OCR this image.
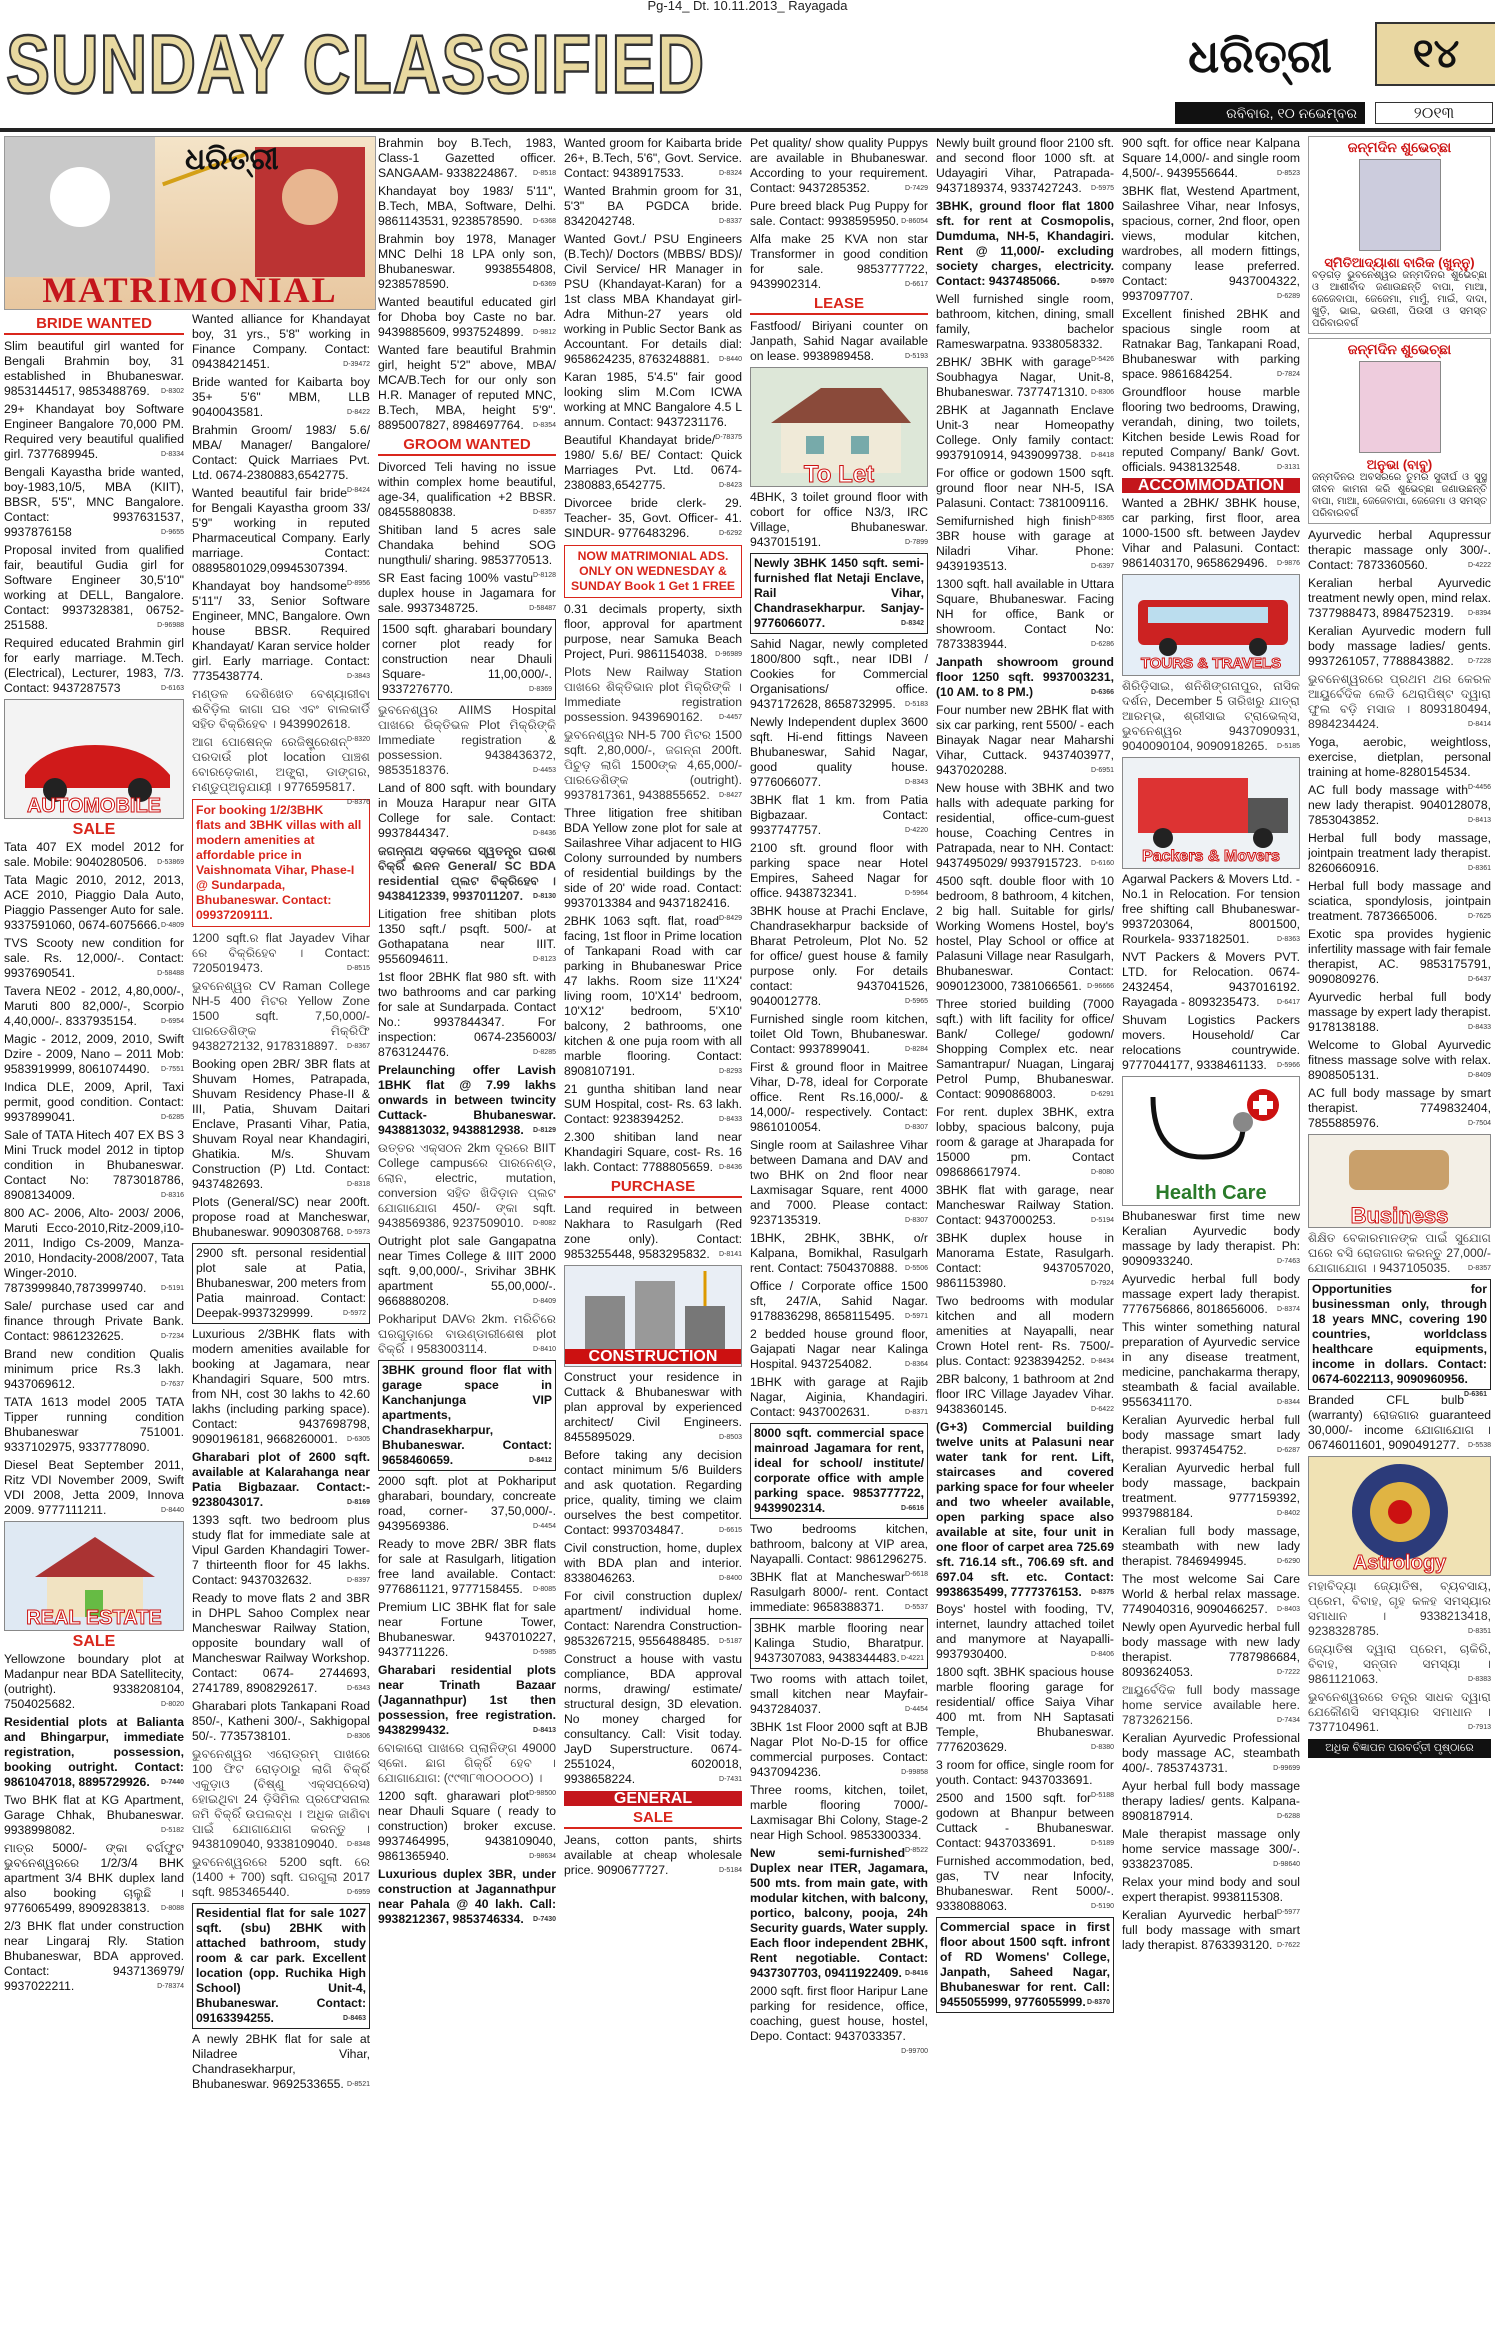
Pg-14_ Dt. 10.11.2013_ Rayagada
SUNDAY CLASSIFIED	ଧରିତ୍ରୀ	୧୪
ରବିବାର, ୧୦ ନଭେମ୍ବର	୨୦୧୩
ଧରିତ୍ରୀ
MATRIMONIAL
BRIDE WANTED

Slim beautiful girl wanted for Bengali Brahmin boy, 31 established in Bhubaneswar. 9853144517, 9853488769. D-8302

29+ Khandayat boy Software Engineer Bangalore 70,000 PM. Required very beautiful qualified girl. 7377689945.	D-8334

Bengali Kayastha bride wanted, boy-1983,10/5, MBA (KIIT), BBSR, 5'5", MNC Bangalore. Contact: 9937631537, 9937876158	D-9655

Proposal invited from qualified fair, beautiful Gudia girl for Software Engineer 30,5'10" working at DELL, Bangalore. Contact: 9937328381, 06752-251588.	D-96988

Required educated Brahmin girl for early marriage. M.Tech. (Electrical), Lecturer, 1983, 7/3. Contact: 9437287573	D-6163

AUTOMOBILE
SALE

Tata 407 EX model 2012 for sale. Mobile: 9040280506. D-53869

Tata Magic 2010, 2012, 2013, ACE 2010, Piaggio Dala Auto, Piaggio Passenger Auto for sale. 9337591060, 0674-6075666. D-4809

TVS Scooty new condition for sale. Rs. 12,000/-. Contact: 9937690541.	D-58488

Tavera NE02 - 2012, 4,80,000/-, Maruti 800 82,000/-, Scorpio 4,40,000/-. 8337935154.	D-6954

Magic - 2012, 2009, 2010, Swift Dzire - 2009, Nano – 2011 Mob: 9583919999, 8061074490. D-7551

Indica DLE, 2009, April, Taxi permit, good condition. Contact: 9937899041.	D-6285

Sale of TATA Hitech 407 EX BS 3 Mini Truck model 2012 in tiptop condition in Bhubaneswar. Contact No: 7873018786, 8908134009.	D-8316

800 AC- 2006, Alto- 2003/ 2006, Maruti Ecco-2010,Ritz-2009,i10- 2011, Indigo Cs-2009, Manza-2010, Hondacity-2008/2007, Tata Winger-2010. 7873999840,7873999740. D-5191

Sale/ purchase used car and finance through Private Bank. Contact: 9861232625.	D-7234

Brand new condition Qualis minimum price Rs.3 lakh. 9437069612.	D-7637

TATA 1613 model 2005 TATA Tipper running condition Bhubaneswar 751001. 9337102975, 9337778090.

Diesel Beat September 2011, Ritz VDI November 2009, Swift VDI 2008, Jetta 2009, Innova 2009. 9777111211.	D-8440

REAL ESTATE
SALE

Yellowzone boundary plot at Madanpur near BDA Satellitecity, (outright). 9338208104, 7504025682.	D-8020

Residential plots at Balianta and Bhingarpur, immediate registration, possession, booking outright. Contact: 9861047018, 8895729926. D-7440

Two BHK flat at KG Apartment, Garage Chhak, Bhubaneswar. 9938998082.	D-5182

ମାତ୍ର 5000/- ଙ୍କା ବର୍ଗଫୁଟ ଭୁବନେଶ୍ୱରରେ 1/2/3/4 BHK apartment 3/4 BHK duplex land also booking ଚାଲୁଛି । 9776065499, 8909283813. D-8088

2/3 BHK flat under construction near Lingaraj Rly. Station Bhubaneswar, BDA approved. Contact: 9437136979/ 9937022211.	D-78374

Wanted alliance for Khandayat boy, 31 yrs., 5'8" working in Finance Company. Contact: 09438421451.	D-39472

Bride wanted for Kaibarta boy 35+ 5'6" MBM, LLB 9040043581.	D-8422

Brahmin Groom/ 1983/ 5.6/ MBA/ Manager/ Bangalore/ Contact: Quick Marriaes Pvt. Ltd. 0674-2380883,6542775.
D-8424

Wanted beautiful fair bride for Bengali Kayastha groom 33/ 5'9" working in reputed Pharmaceutical Company. Early marriage. Contact: 08895801029,09945307394.
D-8956

Khandayat boy handsome 5'11''/ 33, Senior Software Engineer, MNC, Bangalore. Own house BBSR. Required Khandayat/ Karan service holder girl. Early marriage. Contact: 7735438774.	D-3843

ମଣ୍ଡଳ ଦେଶିଖେତ ବେଶ୍ୟାରୀବା ଈବିଡ଼ିଲ କାଗା ଘର ଏବଂ ବାଲକାର୍ଡି ସହିତ ବିକ୍ରିହେବ । 9439902618.
D-8320

ଆଗ ପୋଷେନ୍‌କ ରେଜିଷ୍ଟ୍ରେଶନ୍ ପରଦାଉଁ plot location ପାଞ୍ଚଶ ବୋରଡ଼େକାଣ, ଅଙ୍କ୍ରା, ଡାଙ୍ଗର, ମଣ୍ଡୁପ୍‌ଅନୁଯାୟୀ । 9776595817.
D-8376

For booking 1/2/3BHK flats and 3BHK villas with all modern amenities at affordable price in Vaishnomata Vihar, Phase-I @ Sundarpada, Bhubaneswar. Contact: 09937209111.

1200 sqft.ର flat Jayadev Vihar ରେ ବିକ୍ରିହେବ । Contact: 7205019473.	D-8515

ଭୁବନେଶ୍ୱର CV Raman College NH-5 400 ମିଟର Yellow Zone 1500 sqft. 7,50,000/- ପାରଡେଶିଙ୍କ ମିକ୍ରିଫି 9438272132, 9178318897. D-8367

Booking open 2BR/ 3BR flats at Shuvam Homes, Patrapada, Shuvam Residency Phase-II & III, Patia, Shuvam Daitari Enclave, Prasanti Vihar, Patia, Shuvam Royal near Khandagiri, Ghatikia. M/s. Shuvam Construction (P) Ltd. Contact: 9437482693.	D-8318

Plots (General/SC) near 200ft. propose road at Mancheswar, Bhubaneswar. 9090308768. D-5973

2900 sft. personal residential plot sale at Patia, Bhubaneswar, 200 meters from Patia mainroad. Contact: Deepak-9937329999.	D-5972

Luxurious 2/3BHK flats with modern amenities available for booking at Jagamara, near Khandagiri Square, 500 mtrs. from NH, cost 30 lakhs to 42.60 lakhs (including parking space). Contact: 9437698798, 9090196181, 9668260001. D-6305

Gharabari plot of 2600 sqft. available at Kalarahanga near Patia Bigbazaar. Contact:- 9238043017.	D-8169

1393 sqft. two bedroom plus study flat for immediate sale at Vipul Garden Khandagiri Tower-7 thirteenth floor for 45 lakhs. Contact: 9437032632.	D-8397

Ready to move flats 2 and 3BR in DHPL Sahoo Complex near Mancheswar Railway Station, opposite boundary wall of Mancheswar Railway Workshop. Contact: 0674- 2744693, 2741789, 8908292617.	D-6343

Gharabari plots Tankapani Road 850/-, Katheni 300/-, Sakhigopal 50/-. 7735738101.	D-8306

ଭୁବନେଶ୍ୱର ଏରୋଡ୍ରମ୍ ପାଖରେ 100 ଫିଟ ରୋଡ଼ଠାରୁ ଲାଗି ବିକ୍ରିଁ ଏକୁଡ଼ାଓ (ବିଷ୍ଣୁ ଏକ୍ସପ୍ରେସ) ହୋଇଥିବା 24 ଡ଼ିସିମିଲ ପ୍ରଫେସନାଲ ଜମି ବିକ୍ରିଁ ଉପଲବ୍ଧ । ଅଧିକ ଜାଣିବା ପାଇଁ ଯୋଗାଯୋଗ କରନ୍ତୁ । 9438109040, 9338109040. D-8348

ଭୁବନେଶ୍ୱରରେ 5200 sqft. ରେ (1400 + 700) sqft. ଘରଗୁଲା 2017 sqft. 9853465440.	D-6959

Residential flat for sale 1027 sqft. (sbu) 2BHK with attached bathroom, study room & car park. Excellent location (opp. Ruchika High School) Unit-4, Bhubaneswar. Contact: 09163394255.	D-8463

A newly 2BHK flat for sale at Niladree Vihar, Chandrasekharpur, Bhubaneswar. 9692533655. D-8521

Brahmin boy B.Tech, 1983, Class-1 Gazetted officer. SANGAAM- 9338224867. D-8518

Khandayat boy 1983/ 5'11", B.Tech, MBA, Software, Delhi. 9861143531, 9238578590. D-6368

Brahmin boy 1978, Manager MNC Delhi 18 LPA only son, Bhubaneswar. 9938554808, 9238578590.	D-6369

Wanted beautiful educated girl for Dhoba boy Caste no bar. 9439885609, 9937524899. D-9812

Wanted fare beautiful Brahmin girl, height 5'2" above, MBA/ MCA/B.Tech for our only son H.R. Manager of reputed MNC, B.Tech, MBA, height 5'9". 8895007827, 8984697764. D-8354

GROOM WANTED

Divorced Teli having no issue within complex home beautiful, age-34, qualification +2 BBSR. 08455880838.	D-8357

Shitiban land 5 acres sale Chandaka behind SOG nungthuli/ sharing. 9853770513.
D-8128

SR East facing 100% vastu duplex house in Jagamara for sale. 9937348725.	D-58487

1500 sqft. gharabari boundary corner plot ready for construction near Dhauli Square- 11,00,000/-. 9337276770.	D-8369

ଭୁବନେଶ୍ୱର AIIMS Hospital ପାଖରେ ରିକ୍ତିଭଳ Plot ମିକ୍ରିଙ୍କି Immediate registration & possession. 9438436372, 9853518376.	D-4453

Land of 800 sqft. with boundary in Mouza Harapur near GITA College for sale. Contact: 9937844347.	D-8436

ଜଗନ୍ନାଥ ସଡ଼କରେ ସ୍ୱତନ୍ତ୍ର ଘରଶ ବିକ୍ରିଁ ଈନନ General/ SC BDA residential ପ୍ଲଟ ବିକ୍ରିହେବ । 9438412339, 9937011207. D-8130

Litigation free shitiban plots 1350 sqft./ psqft. 500/- at Gothapatana near IIIT. 9556094611.	D-8123

1st floor 2BHK flat 980 sft. with two bathrooms and car parking for sale at Sundarpada. Contact No.: 9937844347. For inspection: 0674-2356003/ 8763124476.	D-8285

Prelaunching offer Lavish 1BHK flat @ 7.99 lakhs onwards in between twincity Cuttack- Bhubaneswar. 9438813032, 9438812938. D-8129

ଉତ୍ତର ଏକ୍ସଠନ 2km ଦୂରରେ BIIT College campusରେ ପାରନେଣ୍ଡ, ଲୋନ, electric, mutation, conversion ସହିତ ଖିଦିଡ଼ାନ ପ୍ଲଟ ଯୋଗାଯୋଗ 450/- ଙ୍କା sqft. 9438569386, 9237509010. D-8082

Outright plot sale Gangapatna near Times College & IIIT 2000 sqft. 9,00,000/-, Srivihar 3BHK apartment 55,00,000/-. 9668880208.	D-8409

Pokhariput DAVର 2km. ମରିଚିରେ ଘରଗୁଡ଼ାରେ ବାଉଣ୍ଡାରୀଶେଷ plot ବିକ୍ରିଁ । 9583003114.	D-8410

3BHK ground floor flat with garage space in Kanchanjunga VIP apartments, Chandrasekharpur, Bhubaneswar. Contact: 9658460659.	D-8412

2000 sqft. plot at Pokhariput gharabari, boundary, concreate road, corner- 37,50,000/-. 9439569386.	D-4454

Ready to move 2BR/ 3BR flats for sale at Rasulgarh, litigation free land available. Contact: 9776861121, 9777158455. D-8085

Premium LIC 3BHK flat for sale near Fortune Tower, Bhubaneswar. 9437010227, 9437711226.	D-5985

Gharabari residential plots near Trinath Bazaar (Jagannathpur) 1st then possession, free registration. 9438299432.	D-8413

ବୋକାରୋ ପାଖରେ ପ୍ଲାନିଙ୍ଗ 49000 ସ୍କୋ. ଛାଗ ଗିକ୍ରିଁ ହେବ । ଯୋଗାଯୋଗ: (୯୯୩୮୩୦୦୦୦୦) ।
D-98500

1200 sqft. gharawari plot near Dhauli Square ( ready to construction) broker excuse. 9937464995, 9438109040, 9861365940.	D-98634

Luxurious duplex 3BR, under construction at Jagannathpur near Pahala @ 40 lakh. Call: 9938212367, 9853746334. D-7430

Wanted groom for Kaibarta bride 26+, B.Tech, 5'6", Govt. Service. Contact: 9438917533.	D-8324

Wanted Brahmin groom for 31, 5'3" BA PGDCA bride. 8342042748.	D-8337

Wanted Govt./ PSU Engineers (B.Tech)/ Doctors (MBBS/ BDS)/ Civil Service/ HR Manager in PSU (Khandayat-Karan) for a 1st class MBA Khandayat girl- Adra Mithun-27 years old working in Public Sector Bank as Accountant. For details dial: 9658624235, 8763248881. D-8440

Karan 1985, 5'4.5" fair good looking slim M.Com ICWA working at MNC Bangalore 4.5 L annum. Contact: 9437231176.
D-78375

Beautiful Khandayat bride/ 1980/ 5.6/ BE/ Contact: Quick Marriages Pvt. Ltd. 0674-2380883,6542775.	D-8423

Divorcee bride clerk- 29. Teacher- 35, Govt. Officer- 41. SINDUR- 9776483296.	D-6292

NOW MATRIMONIAL ADS. ONLY ON WEDNESDAY & SUNDAY Book 1 Get 1 FREE

0.31 decimals property, sixth floor, approval for apartment purpose, near Samuka Beach Project, Puri. 9861154038. D-96989

Plots New Railway Station ପାଖରେ ଶିକ୍ତିଭାନ plot ମିକ୍ରିଙ୍କି । Immediate registration possession. 9439690162. D-4457

ଭୁବନେଶ୍ୱର NH-5 700 ମିଟର 1500 sqft. 2,80,000/-, ଜଗନ୍ନା 200ft. ପିଚୁଡ଼ ଲାଗି 1500ଙ୍କ 4,65,000/- ପାରଡେଶିଙ୍କ (outright). 9937817361, 9438855652. D-8427

Three litigation free shitiban BDA Yellow zone plot for sale at Sailashree Vihar adjacent to HIG Colony surrounded by numbers of residential buildings by the side of 20' wide road. Contact: 9937013384 and 9437182416.
D-8429

2BHK 1063 sqft. flat, road facing, 1st floor in Prime location of Tankapani Road with car parking in Bhubaneswar Price 47 lakhs. Room size 11'X24' living room, 10'X14' bedroom, 10'X12' bedroom, 5'X10' balcony, 2 bathrooms, one kitchen & one puja room with all marble flooring. Contact: 8908107191.	D-8293

21 guntha shitiban land near SUM Hospital, cost- Rs. 63 lakh. Contact: 9238394252.	D-8433

2.300 shitiban land near Khandagiri Square, cost- Rs. 16 lakh. Contact: 7788805659. D-8436

PURCHASE

Land required in between Nakhara to Rasulgarh (Red zone only). Contact: 9853255448, 9583295832. D-8141

CONSTRUCTION

Construct your residence in Cuttack & Bhubaneswar with plan approval by experienced architect/ Civil Engineers. 8455895029.	D-8503

Before taking any decision contact minimum 5/6 Builders and ask quotation. Regarding price, quality, timing we claim ourselves the best competitor. Contact: 9937034847.	D-6615

Civil construction, home, duplex with BDA plan and interior. 8338046263.	D-8400

For civil construction duplex/ apartment/ individual home. Contact: Narendra Construction- 9853267215, 9556488485. D-5187

Construct a house with vastu compliance, BDA approval norms, drawing/ estimate/ structural design, 3D elevation. No money charged for consultancy. Call: Visit today. JayD Superstructure. 0674-2551024, 6020018, 9938658224.	D-7431

GENERAL
SALE

Jeans, cotton pants, shirts available at cheap wholesale price. 9090677727.	D-5184

Pet quality/ show quality Puppys are available in Bhubaneswar. According to your requirement. Contact: 9437285352.	D-7429

Pure breed black Pug Puppy for sale. Contact: 9938595950. D-86054

Alfa make 25 KVA non star Transformer in good condition for sale. 9853777722, 9439902314.	D-6617

LEASE

Fastfood/ Biriyani counter on Janpath, Sahid Nagar available on lease. 9938989458.	D-5193

To Let

4BHK, 3 toilet ground floor with cobort for office N3/3, IRC Village, Bhubaneswar. 9437015191.	D-7899

Newly 3BHK 1450 sqft. semi-furnished flat Netaji Enclave, Rail Vihar, Chandrasekharpur. Sanjay-9776066077.	D-8342

Sahid Nagar, newly completed 1800/800 sqft., near IDBI / Cookies for Commercial Organisations/ office. 9437172628, 8658732995. D-5183

Newly Independent duplex 3600 sqft. Hi-end fittings Naveen Bhubaneswar, Sahid Nagar, good quality house. 9776066077.	D-8343

3BHK flat 1 km. from Patia Bigbazaar. Contact: 9937747757.	D-4220

2100 sft. ground floor with parking space near Hotel Empires, Saheed Nagar for office. 9438732341.	D-5964

3BHK house at Prachi Enclave, Chandrasekharpur backside of Bharat Petroleum, Plot No. 52 for office/ guest house & family purpose only. For details contact: 9437041526, 9040012778.	D-5965

Furnished single room kitchen, toilet Old Town, Bhubaneswar. Contact: 9937899041.	D-8284

First & ground floor in Maitree Vihar, D-78, ideal for Corporate office. Rent Rs.16,000/- & 14,000/- respectively. Contact: 9861010054.	D-8307

Single room at Sailashree Vihar between Damana and DAV and two BHK on 2nd floor near Laxmisagar Square, rent 4000 and 7000. Please contact: 9237135319.	D-8307

1BHK, 2BHK, 3BHK, o/r Kalpana, Bomikhal, Rasulgarh rent. Contact: 7504370888. D-5506

Office / Corporate office 1500 sft, 247/A, Sahid Nagar. 9178836298, 8658115495. D-5971

2 bedded house ground floor, Gajapati Nagar near Kalinga Hospital. 9437254082.	D-8364

1BHK with garage at Rajib Nagar, Aiginia, Khandagiri. Contact: 9437002631.	D-8371

8000 sqft. commercial space mainroad Jagamara for rent, ideal for school/ institute/ corporate office with ample parking space. 9853777722, 9439902314.	D-6616

Two bedrooms kitchen, bathroom, balcony at VIP area, Nayapalli. Contact: 9861296275.
D-6618

3BHK flat at Mancheswar Rasulgarh 8000/- rent. Contact immediate: 9658388371.	D-5537

3BHK marble flooring near Kalinga Studio, Bharatpur. 9437307083, 9438344483. D-4221

Two rooms with attach toilet, small kitchen near Mayfair- 9437284037.	D-4454

3BHK 1st Floor 2000 sqft at BJB Nagar Plot No-D-15 for office commercial purposes. Contact: 9437094236.	D-99858

Three rooms, kitchen, toilet, marble flooring 7000/- Laxmisagar Bhi Colony, Stage-2 near High School. 9853300334.
D-8522

New semi-furnished Duplex near ITER, Jagamara, 500 mts. from main gate, with modular kitchen, with balcony, portico, balcony, pooja, 24h Security guards, Water supply. Each floor independent 2BHK, Rent negotiable. Contact: 9437307703, 09411922409. D-8416

2000 sqft. first floor Haripur Lane parking for residence, office, coaching, guest house, hostel, Depo. Contact: 9437033357.
D-99700

Newly built ground floor 2100 sft. and second floor 1000 sft. at Udayagiri Vihar, Patrapada- 9437189374, 9337427243. D-5975

3BHK, ground floor flat 1800 sft. for rent at Cosmopolis, Dumduma, NH-5, Khandagiri. Rent @ 11,000/- excluding society charges, electricity. Contact: 9437485066.	D-5970

Well furnished single room, bathroom, kitchen, dining, small family, bachelor Rameswarpatna. 9338058332.
D-5426

2BHK/ 3BHK with garage Soubhagya Nagar, Unit-8, Bhubaneswar. 7377471310. D-8306

2BHK at Jagannath Enclave Unit-3 near Homeopathy College. Only family contact: 9937910914, 9439099738. D-8418

For office or godown 1500 sqft. ground floor near NH-5, ISA Palasuni. Contact: 7381009116.
D-8365

Semifurnished high finish 3BR house with garage at Niladri Vihar. Phone: 9439193513.	D-6397

1300 sqft. hall available in Uttara Square, Bhubaneswar. Facing NH for office, Bank or showroom. Contact No: 7873383944.	D-6286

Janpath showroom ground floor 1250 sqft. 9937003231, (10 AM. to 8 PM.)	D-6366

Four number new 2BHK flat with six car parking, rent 5500/ - each Binayak Nagar near Maharshi Vihar, Cuttack. 9437403977, 9437020288.	D-6951

New house with 3BHK and two halls with adequate parking for residential, office-cum-guest house, Coaching Centres in Patrapada, near to NH. Contact: 9437495029/ 9937915723. D-6160

4500 sqft. double floor with 10 bedroom, 8 bathroom, 4 kitchen, 2 big hall. Suitable for girls/ Working Womens Hostel, boy's hostel, Play School or office at Palasuni Village near Rasulgarh, Bhubaneswar. Contact: 9090123000, 7381066561. D-96666

Three storied building (7000 sqft.) with lift facility for office/ Bank/ College/ godown/ Shopping Complex etc. near Samantrapur/ Nuagan, Lingaraj Petrol Pump, Bhubaneswar. Contact: 9090868003.	D-6291

For rent. duplex 3BHK, extra lobby, spacious balcony, puja room & garage at Jharapada for 15000 pm. Contact 098686617974.	D-8080

3BHK flat with garage, near Mancheswar Railway Station. Contact: 9437000253.	D-5194

3BHK duplex house in Manorama Estate, Rasulgarh. Contact: 9437057020, 9861153980.	D-7924

Two bedrooms with modular kitchen and all modern amenities at Nayapalli, near Crown Hotel rent- Rs. 7500/- plus. Contact: 9238394252. D-8434

2BR balcony, 1 bathroom at 2nd floor IRC Village Jayadev Vihar. 9438360145.	D-6422

(G+3) Commercial building twelve units at Palasuni near water tank for rent. Lift, staircases and covered parking space for four wheeler and two wheeler available, open parking space also available at site, four unit in one floor of carpet area 725.69 sft. 716.14 sft., 706.69 sft. and 697.04 sft. etc. Contact: 9938635499, 7777376153. D-8375

Boys' hostel with fooding, TV, internet, laundry attached toilet and manymore at Nayapalli- 9937930400.	D-8406

1800 sqft. 3BHK spacious house marble flooring garage for residential/ office Saiya Vihar 400 mt. from NH Saptasati Temple, Bhubaneswar. 7776203629.	D-8380

3 room for office, single room for youth. Contact: 9437033691.
D-5188

2500 and 1500 sqft. for godown at Bhanpur between Cuttack - Bhubaneswar. Contact: 9437033691.	D-5189

Furnished accommodation, bed, gas, TV near Infocity, Bhubaneswar. Rent 5000/-. 9338088063.	D-5190

Commercial space in first floor about 1500 sqft. infront of RD Womens' College, Janpath, Saheed Nagar, Bhubaneswar for rent. Call: 9455055999, 9776055999. D-8370

900 sqft. for office near Kalpana Square 14,000/- and single room 4,500/-. 9439556644.	D-8523

3BHK flat, Westend Apartment, Sailashree Vihar, near Infosys, spacious, corner, 2nd floor, open views, modular kitchen, wardrobes, all modern fittings, company lease preferred. Contact: 9437004322, 9937097707.	D-6289

Excellent finished 2BHK and spacious single room at Ratnakar Bag, Tankapani Road, Bhubaneswar with parking space. 9861684254.	D-7824

Groundfloor house marble flooring two bedrooms, Drawing, verandah, dining, two toilets, Kitchen beside Lewis Road for reputed Company/ Bank/ Govt. officials. 9438132548.	D-3131

ACCOMMODATION

Wanted a 2BHK/ 3BHK house, car parking, first floor, area 1000-1500 sft. between Jaydev Vihar and Palasuni. Contact: 9861403170, 9658629496. D-9876

TOURS & TRAVELS

ଶିରିଡ଼ିସାଇ, ଶନିଶିଙ୍ଗନାପୁର, ନାସିକ ଦର୍ଶନ, December 5 ତାରିଖରୁ ଯାତ୍ରା ଆରମ୍ଭ, ଶ୍ରୀସାଇ ଟ୍ରାଭେଲ୍ସ, ଭୁବନେଶ୍ୱର 9437090931, 9040090104, 9090918265. D-5185

Packers & Movers

Agarwal Packers & Movers Ltd. - No.1 in Relocation. For tension free shifting call Bhubaneswar- 9937203064, 8001500, Rourkela- 9337182501.	D-8363

NVT Packers & Movers PVT. LTD. for Relocation. 0674-2432454, 9437016192. Rayagada - 8093235473. D-6417

Shuvam Logistics Packers movers. Household/ Car relocations countrywide. 9777044177, 9338461133. D-5966

Health Care

Bhubaneswar first time new Keralian Ayurvedic body massage by lady therapist. Ph: 9090933240.	D-7463

Ayurvedic herbal full body massage expert lady therapist. 7776756866, 8018656006. D-8374

This winter something natural preparation of Ayurvedic service in any disease treatment, medicine, panchakarma therapy, steambath & facial available. 9556341170.	D-8344

Keralian Ayurvedic herbal full body massage smart lady therapist. 9937454752.	D-6287

Keralian Ayurvedic herbal full body massage, backpain treatment. 9777159392, 9937988184.	D-8402

Keralian full body massage, steambath with new lady therapist. 7846949945.	D-6290

The most welcome Sai Care World & herbal relax massage. 7749040316, 9090466257. D-8403

Newly open Ayurvedic herbal full body massage with new lady therapist. 7787986684, 8093624053.	D-7222

ଆୟୁର୍ବେଦିକ full body massage home service available here. 7873262156.	D-7434

Keralian Ayurvedic Professional body massage AC, steambath 400/-. 7853743731.	D-99699

Ayur herbal full body massage therapy ladies/ gents. Kalpana-8908187914.	D-6288

Male therapist massage only home service massage 300/-. 9338237085.	D-98640

Relax your mind body and soul expert therapist. 9938115308.
D-5977

Keralian Ayurvedic herbal full body massage with smart lady therapist. 8763393120. D-7622

ଜନ୍ମଦିନ ଶୁଭେଚ୍ଛା
ସ୍ମିତିଆଦ୍ୟାଶା ବାରିକ (ଖୁନ୍ନୁ)
ବଡ଼ଗଡ଼ ଭୁବନେଶ୍ୱର ଜନ୍ମଦିନର ଶୁଭେଚ୍ଛା ଓ ଆଶୀର୍ବାଦ ଜଣାଉଛନ୍ତି ବାପା, ମାଆ, ଜେଜେବାପା, ଜେଜେମା, ମାମୁଁ, ମାଇଁ, ଦାଦା, ଖୁଡ଼ି, ଭାଇ, ଭଉଣୀ, ପିଉସୀ ଓ ସମସ୍ତ ପରିବାରବର୍ଗ
ଜନ୍ମଦିନ ଶୁଭେଚ୍ଛା
ଅନୁଭା (ବାବୁ)
ଜନ୍ମଦିନର ଅବସରରେ ତୁମର ସୁଦୀର୍ଘ ଓ ସୁସ୍ଥ ଜୀବନ କାମନା କରି ଶୁଭେଚ୍ଛା ଜଣାଉଛନ୍ତି ବାପା, ମାଆ, ଜେଜେବାପା, ଜେଜେମା ଓ ସମସ୍ତ ପରିବାରବର୍ଗ

Ayurvedic herbal Aqupressur therapic massage only 300/-. Contact: 7873360560.	D-4222

Keralian herbal Ayurvedic treatment newly open, mind relax. 7377988473, 8984752319. D-8394

Keralian Ayurvedic modern full body massage ladies/ gents. 9937261057, 7788843882. D-7228

ଭୁବନେଶ୍ୱରରେ ପ୍ରଥମ ଥର କେରଳ ଆୟୁର୍ବେଦିକ ଲେଡି ଥେରାପିଷ୍ଟ ଦ୍ୱାରା ଫୁଲ ବଡ଼ି ମସାଜ । 8093180494, 8984234424.	D-8414

Yoga, aerobic, weightloss, exercise, dietplan, personal training at home-8280154534.
D-4456

AC full body massage with new lady therapist. 9040128078, 7853043852.	D-8413

Herbal full body massage, jointpain treatment lady therapist. 8260660916.	D-8361

Herbal full body massage and sciatica, spondylosis, jointpain treatment. 7873665006.	D-7625

Exotic spa provides hygienic infertility massage with fair female therapist, AC. 9853175791, 9090809276.	D-6437

Ayurvedic herbal full body massage by expert lady therapist. 9178138188.	D-8433

Welcome to Global Ayurvedic fitness massage solve with relax. 8908505131.	D-8409

AC full body massage by smart therapist. 7749832404, 7855885976.	D-7504

Business

ଶିକ୍ଷିତ ବେକାରମାନଙ୍କ ପାଇଁ ସୁଯୋଗ ଘରେ ବସି ରୋଜଗାର କରନ୍ତୁ 27,000/- ଯୋଗାଯୋଗ । 9437105035.	D-8357

Opportunities for businessman only, through 18 years MNC, covering 190 countries, worldclass healthcare equipments, income in dollars. Contact: 0674-6022113, 9090960956.
D-6361

Branded CFL bulb (warranty) ରୋଜଗାର guaranteed 30,000/- income ଯୋଗାଯୋଗ । 06746011601, 9090491277. D-5538

Astrology

ମହାବିଦ୍ୟା ଜ୍ୟୋତିଷ, ବ୍ୟବସାୟ, ପ୍ରେମ, ବିବାହ, ଗୃହ କଳହ ସମସ୍ୟାର ସମାଧାନ । 9338213418, 9238328785.	D-8351

ଜ୍ୟୋତିଷ ଦ୍ୱାରା ପ୍ରେମ, ଚାକିରି, ବିବାହ, ସନ୍ତାନ ସମସ୍ୟା । 9861121063.	D-8383

ଭୁବନେଶ୍ୱରରେ ତନ୍ତ୍ର ସାଧକ ଦ୍ୱାରା ଯେକୌଣସି ସମସ୍ୟାର ସମାଧାନ । 7377104961.	D-7913

ଅଧିକ ବିଜ୍ଞାପନ ପରବର୍ତ୍ତୀ ପୃଷ୍ଠାରେ
